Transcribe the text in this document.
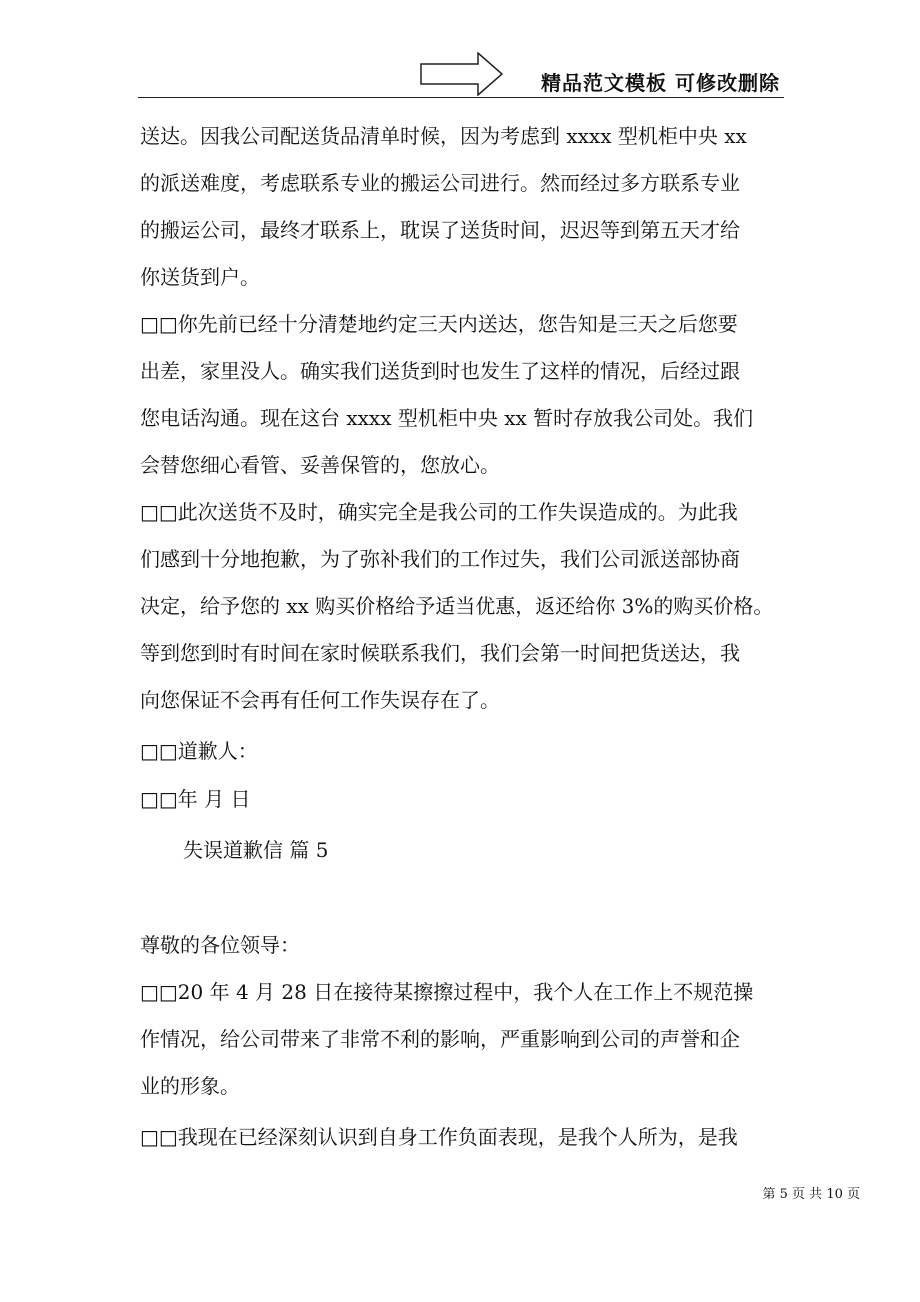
精品范文模板 可修改删除
送达。因我公司配送货品清单时候，因为考虑到 xxxx 型机柜中央 xx
的派送难度，考虑联系专业的搬运公司进行。然而经过多方联系专业
的搬运公司，最终才联系上，耽误了送货时间，迟迟等到第五天才给
你送货到户。
□□你先前已经十分清楚地约定三天内送达，您告知是三天之后您要
出差，家里没人。确实我们送货到时也发生了这样的情况，后经过跟
您电话沟通。现在这台 xxxx 型机柜中央 xx 暂时存放我公司处。我们
会替您细心看管、妥善保管的，您放心。
□□此次送货不及时，确实完全是我公司的工作失误造成的。为此我
们感到十分地抱歉，为了弥补我们的工作过失，我们公司派送部协商
决定，给予您的 xx 购买价格给予适当优惠，返还给你 3%的购买价格。
等到您到时有时间在家时候联系我们，我们会第一时间把货送达，我
向您保证不会再有任何工作失误存在了。
□□道歉人：
□□年 月 日
失误道歉信 篇 5
尊敬的各位领导：
□□20 年 4 月 28 日在接待某擦擦过程中，我个人在工作上不规范操
作情况，给公司带来了非常不利的影响，严重影响到公司的声誉和企
业的形象。
□□我现在已经深刻认识到自身工作负面表现，是我个人所为，是我
第 5 页 共 10 页
